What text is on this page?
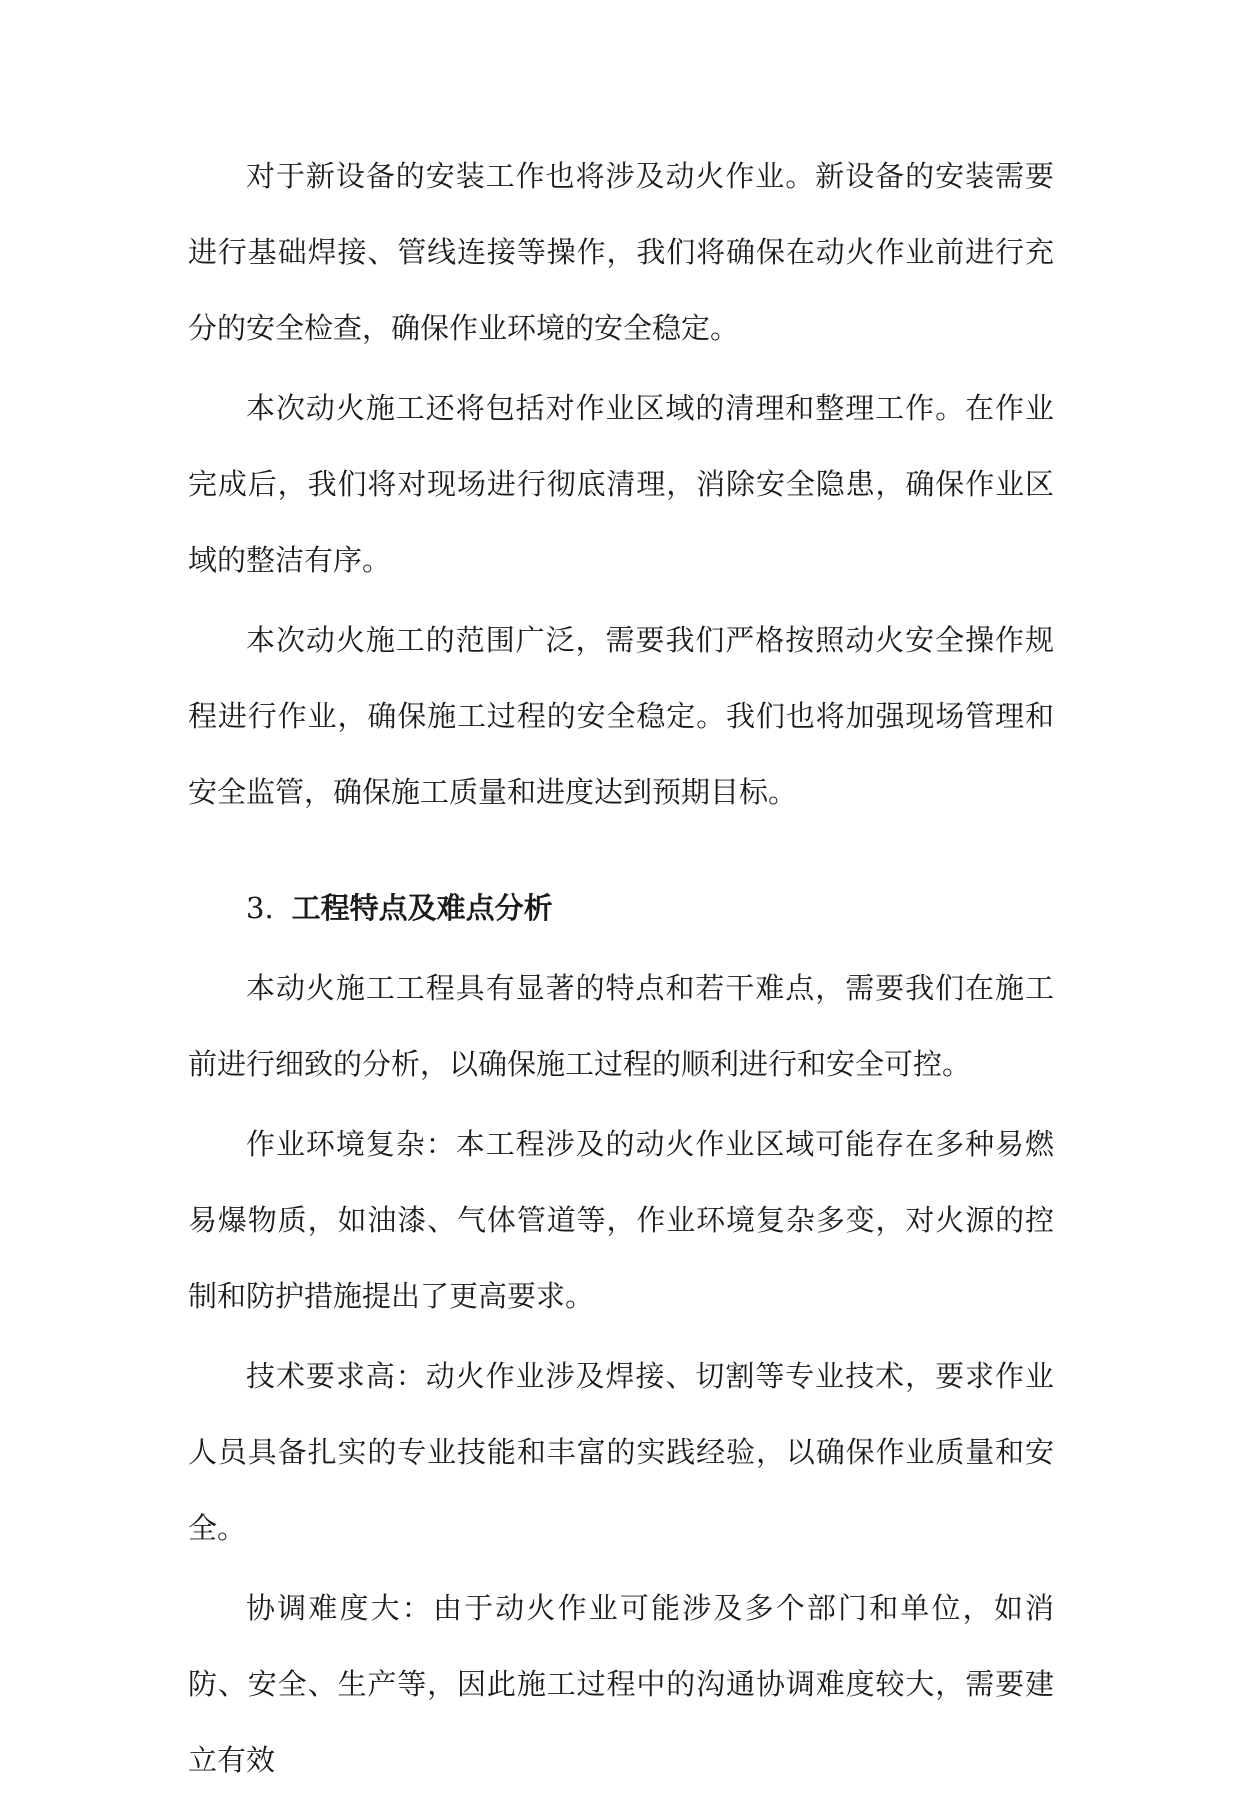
对于新设备的安装工作也将涉及动火作业。新设备的安装需要进行基础焊接、管线连接等操作，我们将确保在动火作业前进行充分的安全检查，确保作业环境的安全稳定。

本次动火施工还将包括对作业区域的清理和整理工作。在作业完成后，我们将对现场进行彻底清理，消除安全隐患，确保作业区域的整洁有序。

本次动火施工的范围广泛，需要我们严格按照动火安全操作规程进行作业，确保施工过程的安全稳定。我们也将加强现场管理和安全监管，确保施工质量和进度达到预期目标。

3. 工程特点及难点分析

本动火施工工程具有显著的特点和若干难点，需要我们在施工前进行细致的分析，以确保施工过程的顺利进行和安全可控。

作业环境复杂：本工程涉及的动火作业区域可能存在多种易燃易爆物质，如油漆、气体管道等，作业环境复杂多变，对火源的控制和防护措施提出了更高要求。

技术要求高：动火作业涉及焊接、切割等专业技术，要求作业人员具备扎实的专业技能和丰富的实践经验，以确保作业质量和安全。

协调难度大：由于动火作业可能涉及多个部门和单位，如消防、安全、生产等，因此施工过程中的沟通协调难度较大，需要建立有效
